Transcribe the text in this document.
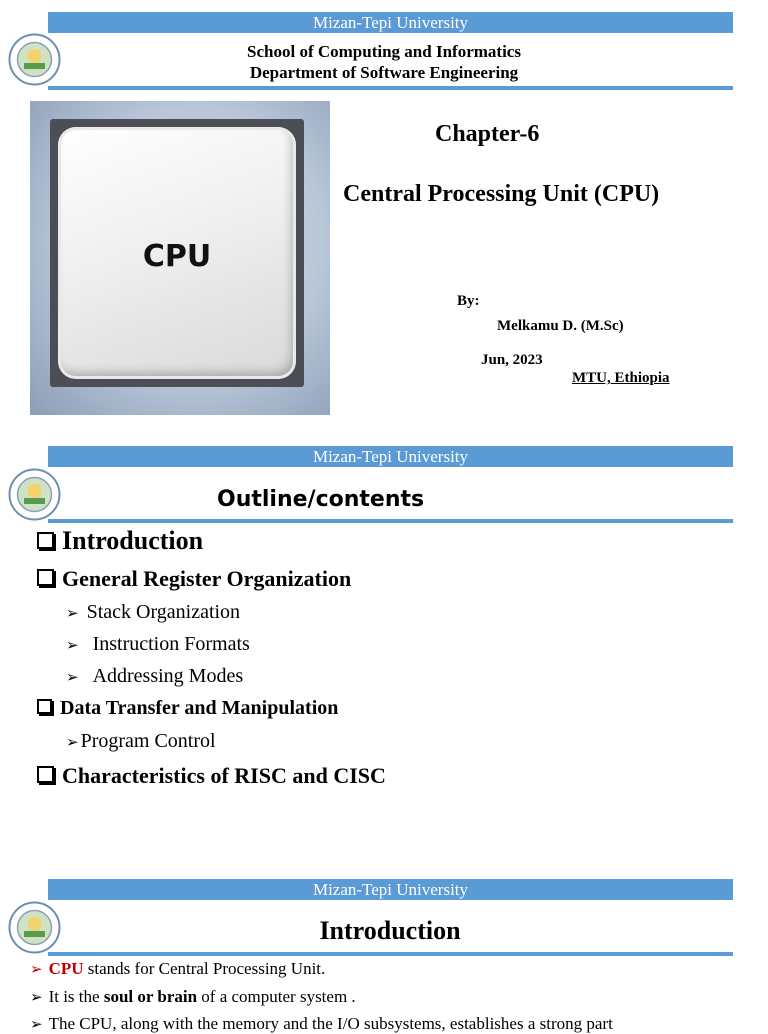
Mizan-Tepi University
School of Computing and Informatics
Department of Software Engineering
CPU
Chapter-6
Central Processing Unit (CPU)
By:
Melkamu D. (M.Sc)
Jun, 2023
MTU, Ethiopia
Mizan-Tepi University
Outline/contents
Introduction
General Register Organization
➢ Stack Organization
➢ Instruction Formats
➢ Addressing Modes
Data Transfer and Manipulation
➢ Program Control
Characteristics of RISC and CISC
Mizan-Tepi University
Introduction
➢ CPU stands for Central Processing Unit.
➢ It is the soul or brain of a computer system .
➢ The CPU, along with the memory and the I/O subsystems, establishes a strong part
